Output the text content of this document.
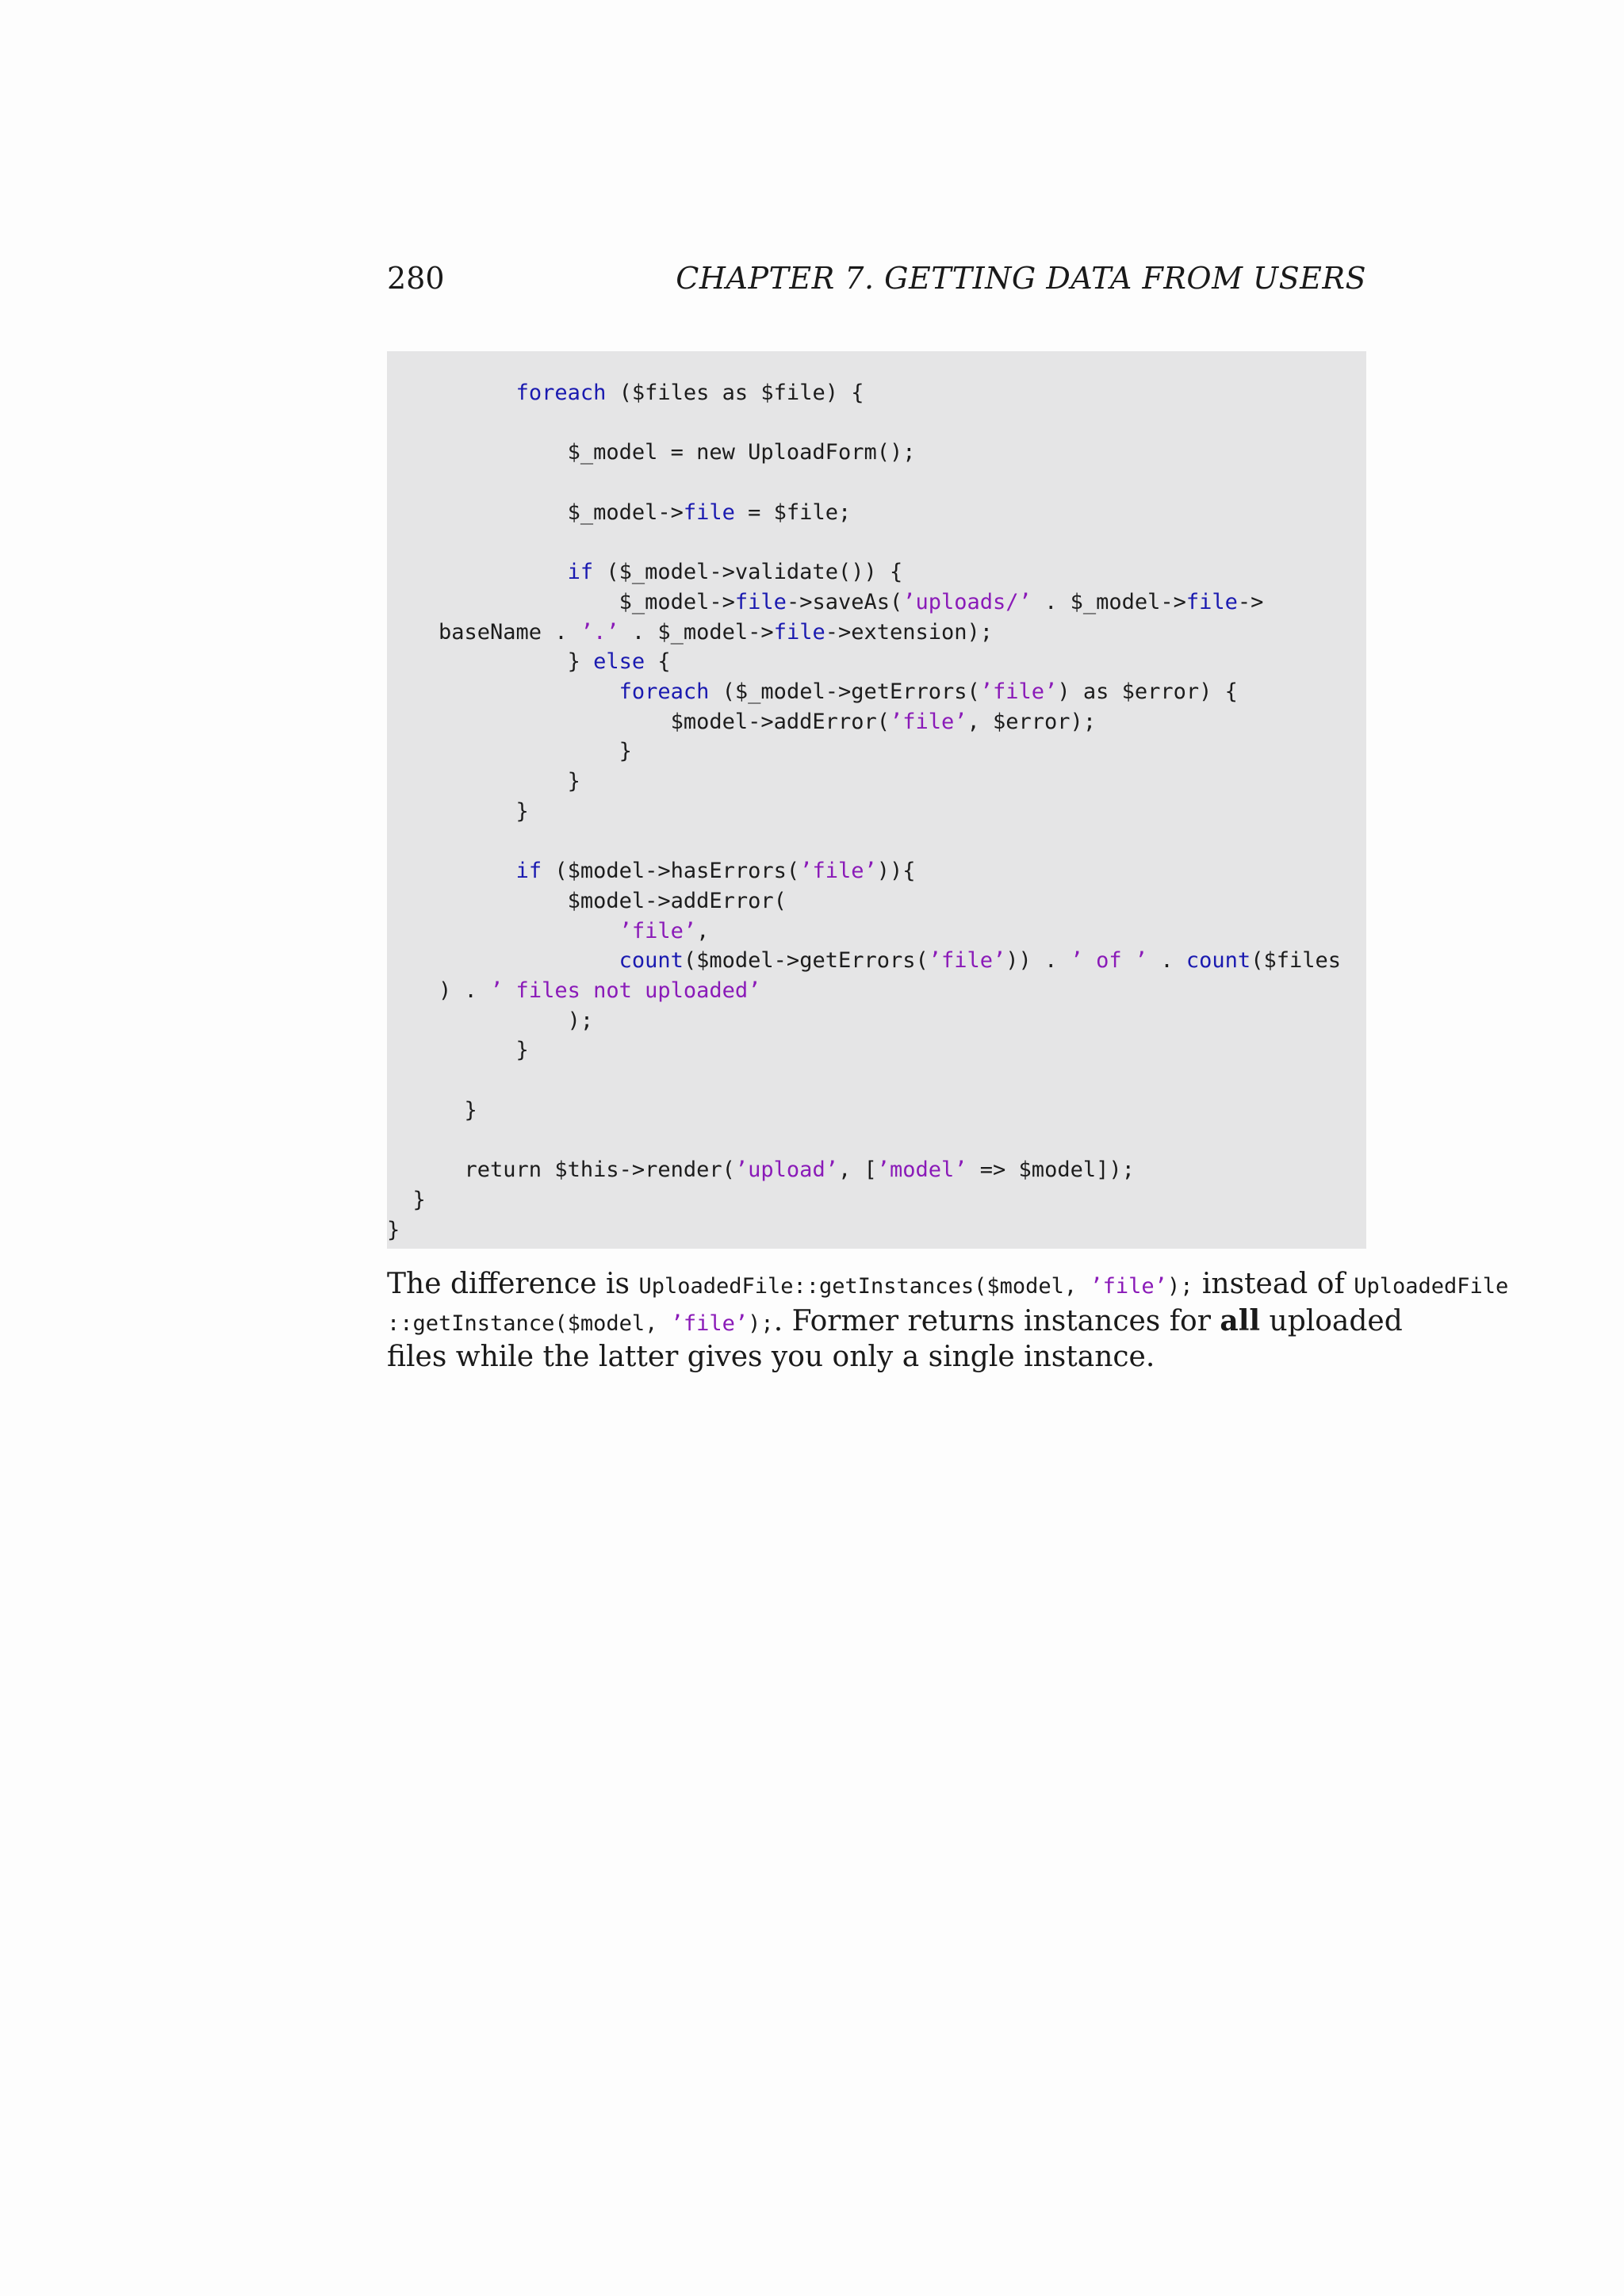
280	CHAPTER 7. GETTING DATA FROM USERS
foreach ($files as $file) {
$_model = new UploadForm();
$_model->file = $file;
if ($_model->validate()) {
$_model->file->saveAs(’uploads/’ . $_model->file->
baseName . ’.’ . $_model->file->extension);
} else {
foreach ($_model->getErrors(’file’) as $error) {
$model->addError(’file’, $error);
}
}
}
if ($model->hasErrors(’file’)){
$model->addError(
’file’,
count($model->getErrors(’file’)) . ’ of ’ . count($files
) . ’ files not uploaded’
);
}
}
return $this->render(’upload’, [’model’ => $model]);
}
}
The difference is UploadedFile::getInstances($model, ’file’); instead of UploadedFile
::getInstance($model, ’file’);. Former returns instances for all uploaded
files while the latter gives you only a single instance.
